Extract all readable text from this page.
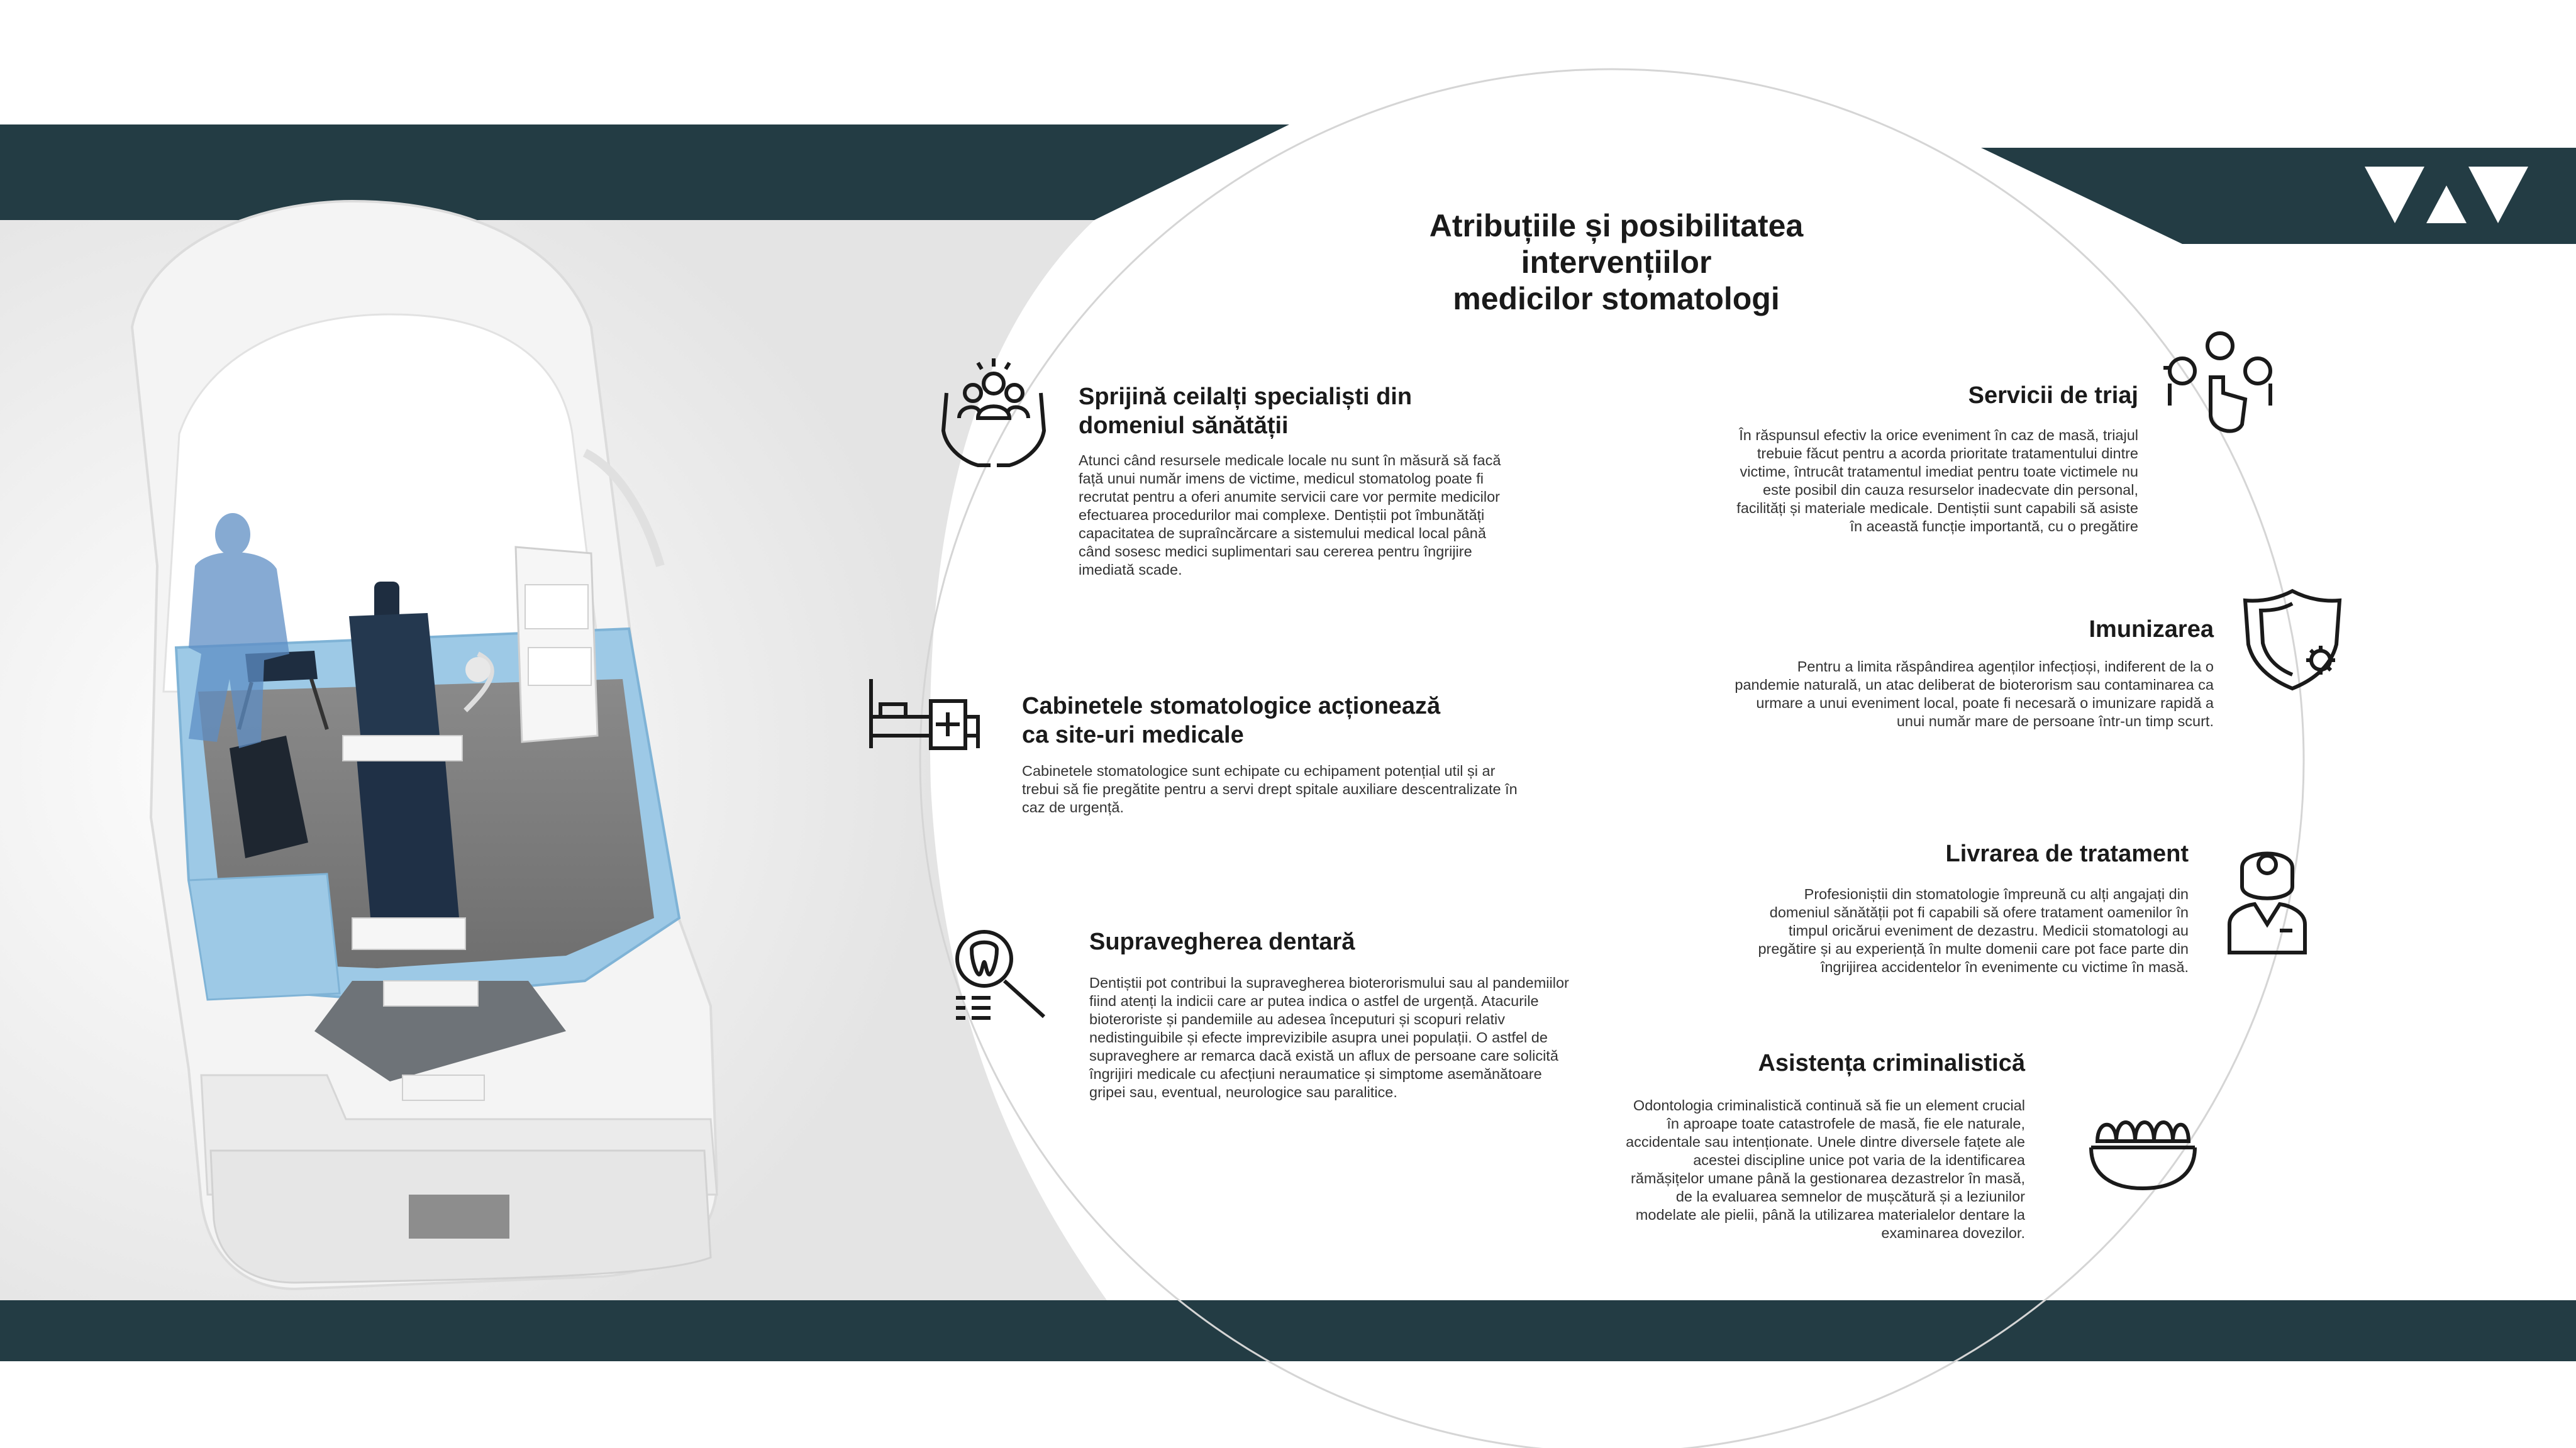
Atribuțiile și posibilitatea
intervențiilor
medicilor stomatologi
Sprijină ceilalți specialiști din
domeniul sănătății
Atunci când resursele medicale locale nu sunt în măsură să facă față unui număr imens de victime, medicul stomatolog poate fi recrutat pentru a oferi anumite servicii care vor permite medicilor efectuarea procedurilor mai complexe. Dentiștii pot îmbunătăți capacitatea de supraîncărcare a sistemului medical local până când sosesc medici suplimentari sau cererea pentru îngrijire imediată scade.
Cabinetele stomatologice acționează
ca site-uri medicale
Cabinetele stomatologice sunt echipate cu echipament potențial util și ar trebui să fie pregătite pentru a servi drept spitale auxiliare descentralizate în caz de urgență.
Supravegherea dentară
Dentiștii pot contribui la supravegherea bioterorismului sau al pandemiilor fiind atenți la indicii care ar putea indica o astfel de urgență. Atacurile bioteroriste și pandemiile au adesea începuturi și scopuri relativ nedistinguibile și efecte imprevizibile asupra unei populații. O astfel de supraveghere ar remarca dacă există un aflux de persoane care solicită îngrijiri medicale cu afecțiuni neraumatice și simptome asemănătoare gripei sau, eventual, neurologice sau paralitice.
Servicii de triaj
În răspunsul efectiv la orice eveniment în caz de masă, triajul trebuie făcut pentru a acorda prioritate tratamentului dintre victime, întrucât tratamentul imediat pentru toate victimele nu este posibil din cauza resurselor inadecvate din personal, facilități și materiale medicale. Dentiștii sunt capabili să asiste în această funcție importantă, cu o pregătire
Imunizarea
Pentru a limita răspândirea agenților infecțioși, indiferent de la o pandemie naturală, un atac deliberat de bioterorism sau contaminarea ca urmare a unui eveniment local, poate fi necesară o imunizare rapidă a unui număr mare de persoane într-un timp scurt.
Livrarea de tratament
Profesioniștii din stomatologie împreună cu alți angajați din domeniul sănătății pot fi capabili să ofere tratament oamenilor în timpul oricărui eveniment de dezastru. Medicii stomatologi au pregătire și au experiență în multe domenii care pot face parte din îngrijirea accidentelor în evenimente cu victime în masă.
Asistența criminalistică
Odontologia criminalistică continuă să fie un element crucial în aproape toate catastrofele de masă, fie ele naturale, accidentale sau intenționate. Unele dintre diversele fațete ale acestei discipline unice pot varia de la identificarea rămășițelor umane până la gestionarea dezastrelor în masă, de la evaluarea semnelor de mușcătură și a leziunilor modelate ale pielii, până la utilizarea materialelor dentare la examinarea dovezilor.
